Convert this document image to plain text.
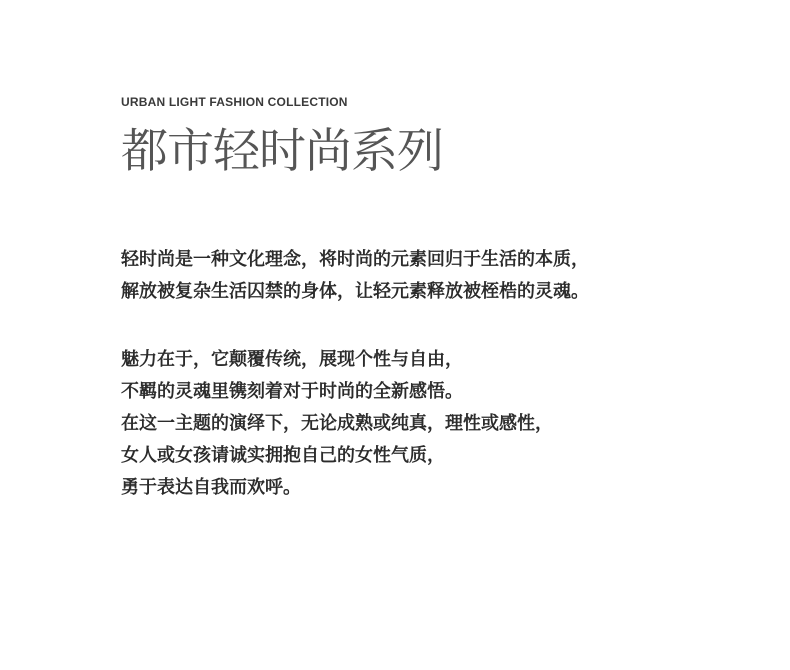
URBAN LIGHT FASHION COLLECTION
都市轻时尚系列
轻时尚是一种文化理念，将时尚的元素回归于生活的本质，
解放被复杂生活囚禁的身体，让轻元素释放被桎梏的灵魂。
魅力在于，它颠覆传统，展现个性与自由，
不羁的灵魂里镌刻着对于时尚的全新感悟。
在这一主题的演绎下，无论成熟或纯真，理性或感性，
女人或女孩请诚实拥抱自己的女性气质，
勇于表达自我而欢呼。
